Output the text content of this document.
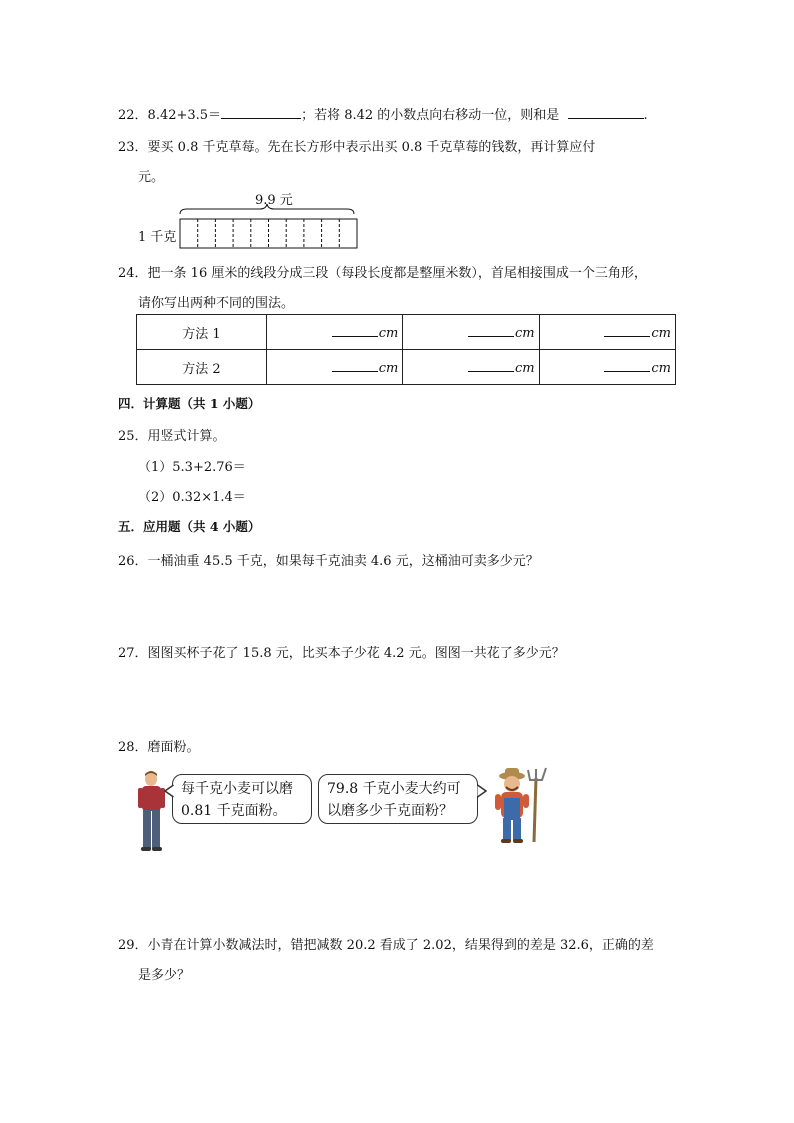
22．8.42+3.5＝	；若将 8.42 的小数点向右移动一位，则和是	.
23．要买 0.8 千克草莓。先在长方形中表示出买 0.8 千克草莓的钱数，再计算应付
元。
9.9 元
1 千克
24．把一条 16 厘米的线段分成三段（每段长度都是整厘米数），首尾相接围成一个三角形，
请你写出两种不同的围法。
方法 1	cm	cm	cm
方法 2	cm	cm	cm
四．计算题（共 1 小题）
25．用竖式计算。
（1）5.3+2.76＝
（2）0.32×1.4＝
五．应用题（共 4 小题）
26．一桶油重 45.5 千克，如果每千克油卖 4.6 元，这桶油可卖多少元？
27．图图买杯子花了 15.8 元，比买本子少花 4.2 元。图图一共花了多少元？
28．磨面粉。
每千克小麦可以磨
0.81 千克面粉。
79.8 千克小麦大约可
以磨多少千克面粉？
29．小青在计算小数减法时，错把减数 20.2 看成了 2.02，结果得到的差是 32.6，正确的差
是多少？
